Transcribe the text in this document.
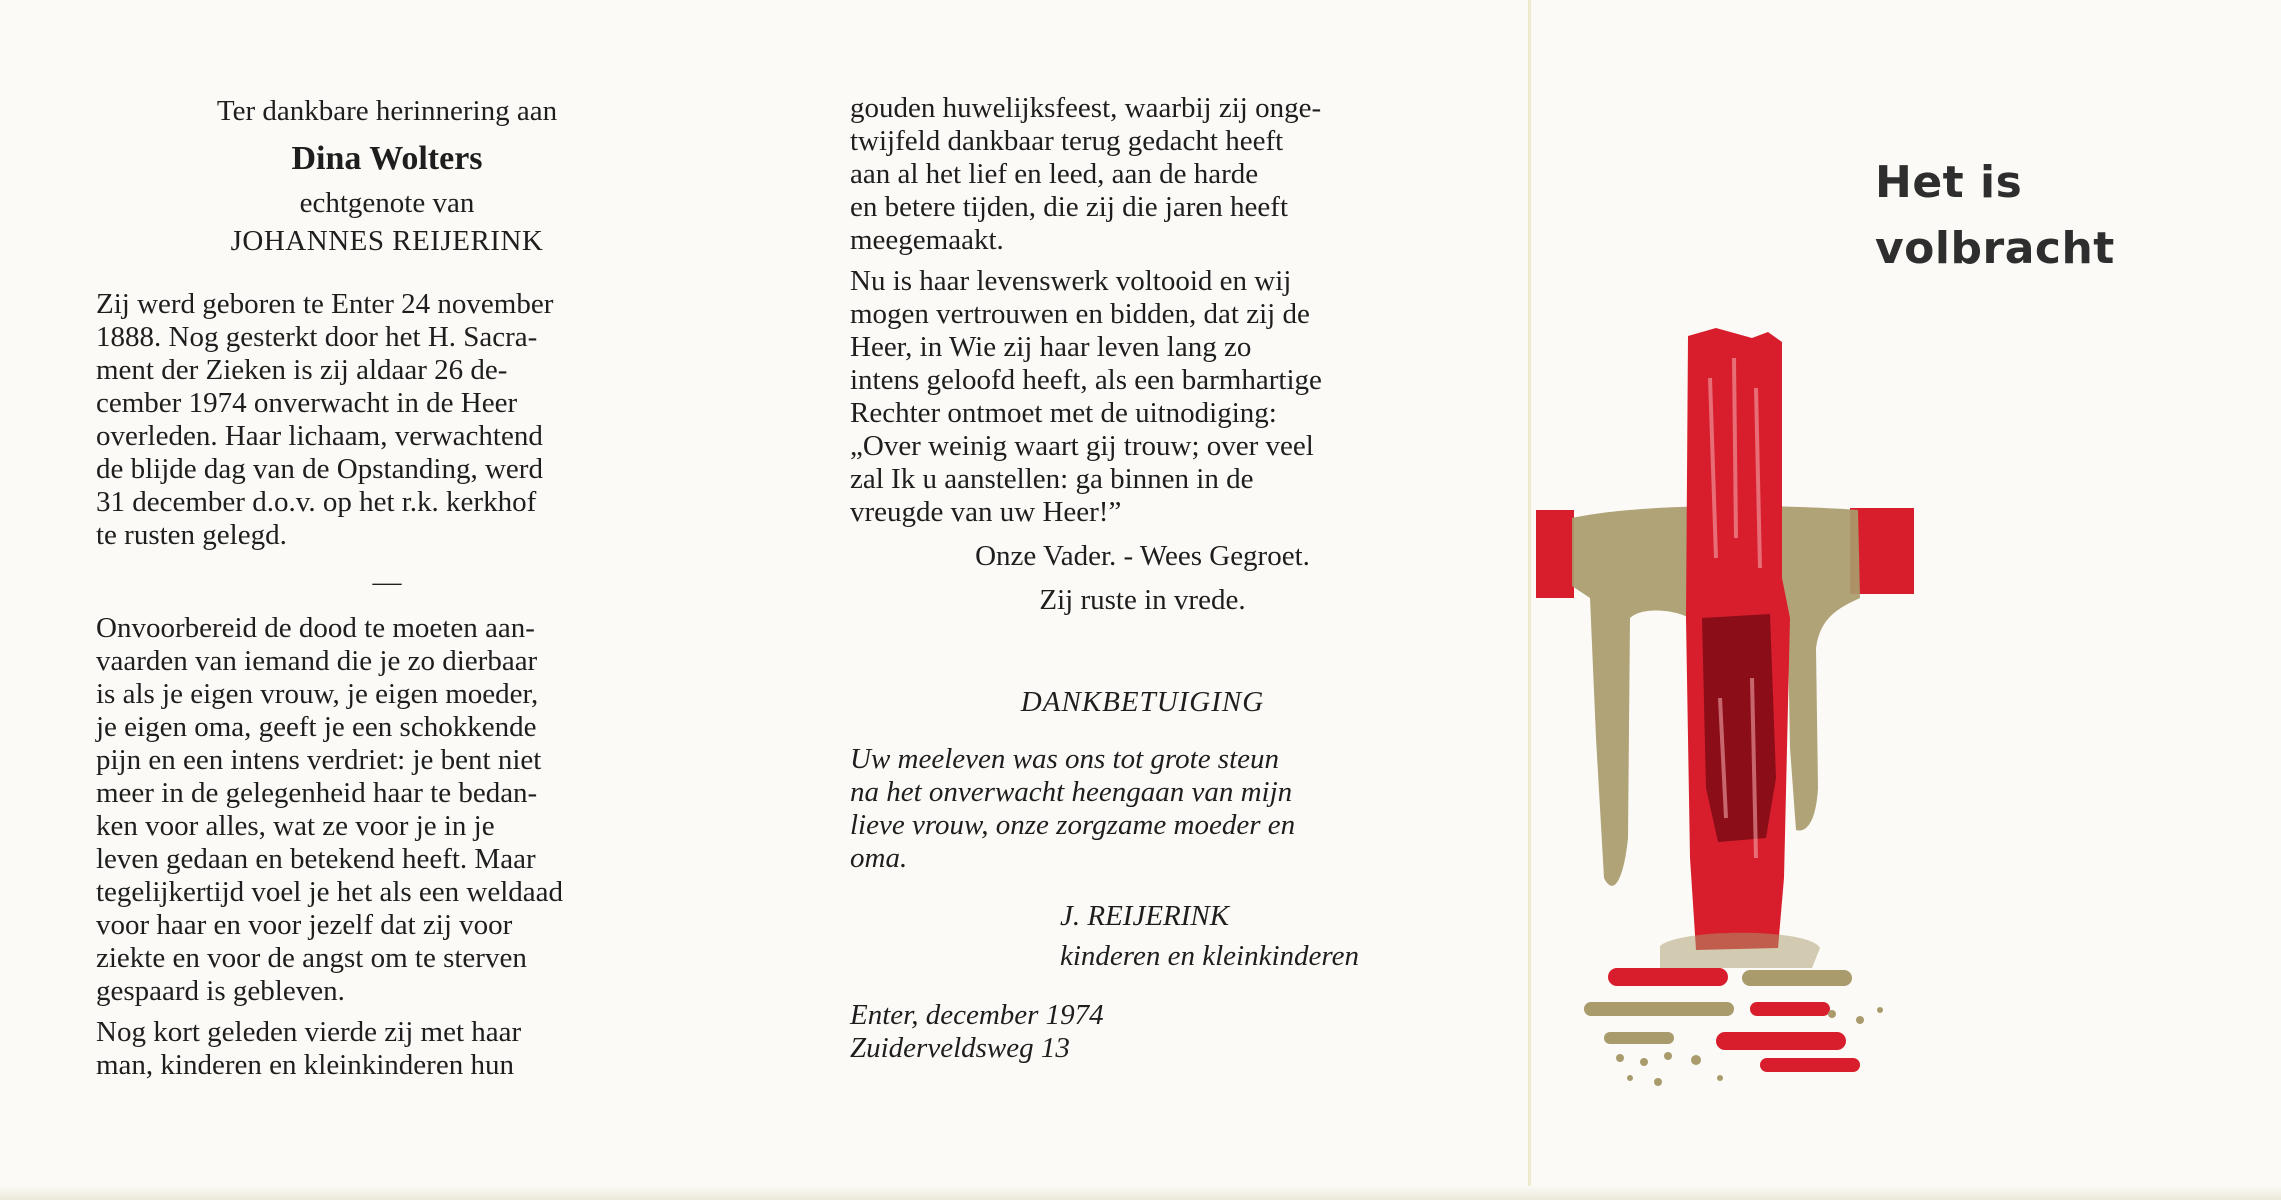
Ter dankbare herinnering aan

Dina Wolters

echtgenote van

JOHANNES REIJERINK

Zij werd geboren te Enter 24 november

1888. Nog gesterkt door het H. Sacra-

ment der Zieken is zij aldaar 26 de-

cember 1974 onverwacht in de Heer

overleden. Haar lichaam, verwachtend

de blijde dag van de Opstanding, werd

31 december d.o.v. op het r.k. kerkhof

te rusten gelegd.

—

Onvoorbereid de dood te moeten aan-

vaarden van iemand die je zo dierbaar

is als je eigen vrouw, je eigen moeder,

je eigen oma, geeft je een schokkende

pijn en een intens verdriet: je bent niet

meer in de gelegenheid haar te bedan-

ken voor alles, wat ze voor je in je

leven gedaan en betekend heeft. Maar

tegelijkertijd voel je het als een weldaad

voor haar en voor jezelf dat zij voor

ziekte en voor de angst om te sterven

gespaard is gebleven.

Nog kort geleden vierde zij met haar

man, kinderen en kleinkinderen hun

gouden huwelijksfeest, waarbij zij onge-

twijfeld dankbaar terug gedacht heeft

aan al het lief en leed, aan de harde

en betere tijden, die zij die jaren heeft

meegemaakt.

Nu is haar levenswerk voltooid en wij

mogen vertrouwen en bidden, dat zij de

Heer, in Wie zij haar leven lang zo

intens geloofd heeft, als een barmhartige

Rechter ontmoet met de uitnodiging:

„Over weinig waart gij trouw; over veel

zal Ik u aanstellen: ga binnen in de

vreugde van uw Heer!”

Onze Vader. - Wees Gegroet.

Zij ruste in vrede.

DANKBETUIGING

Uw meeleven was ons tot grote steun

na het onverwacht heengaan van mijn

lieve vrouw, onze zorgzame moeder en

oma.

J. REIJERINK

kinderen en kleinkinderen

Enter, december 1974

Zuiderveldsweg 13

Het is
volbracht
